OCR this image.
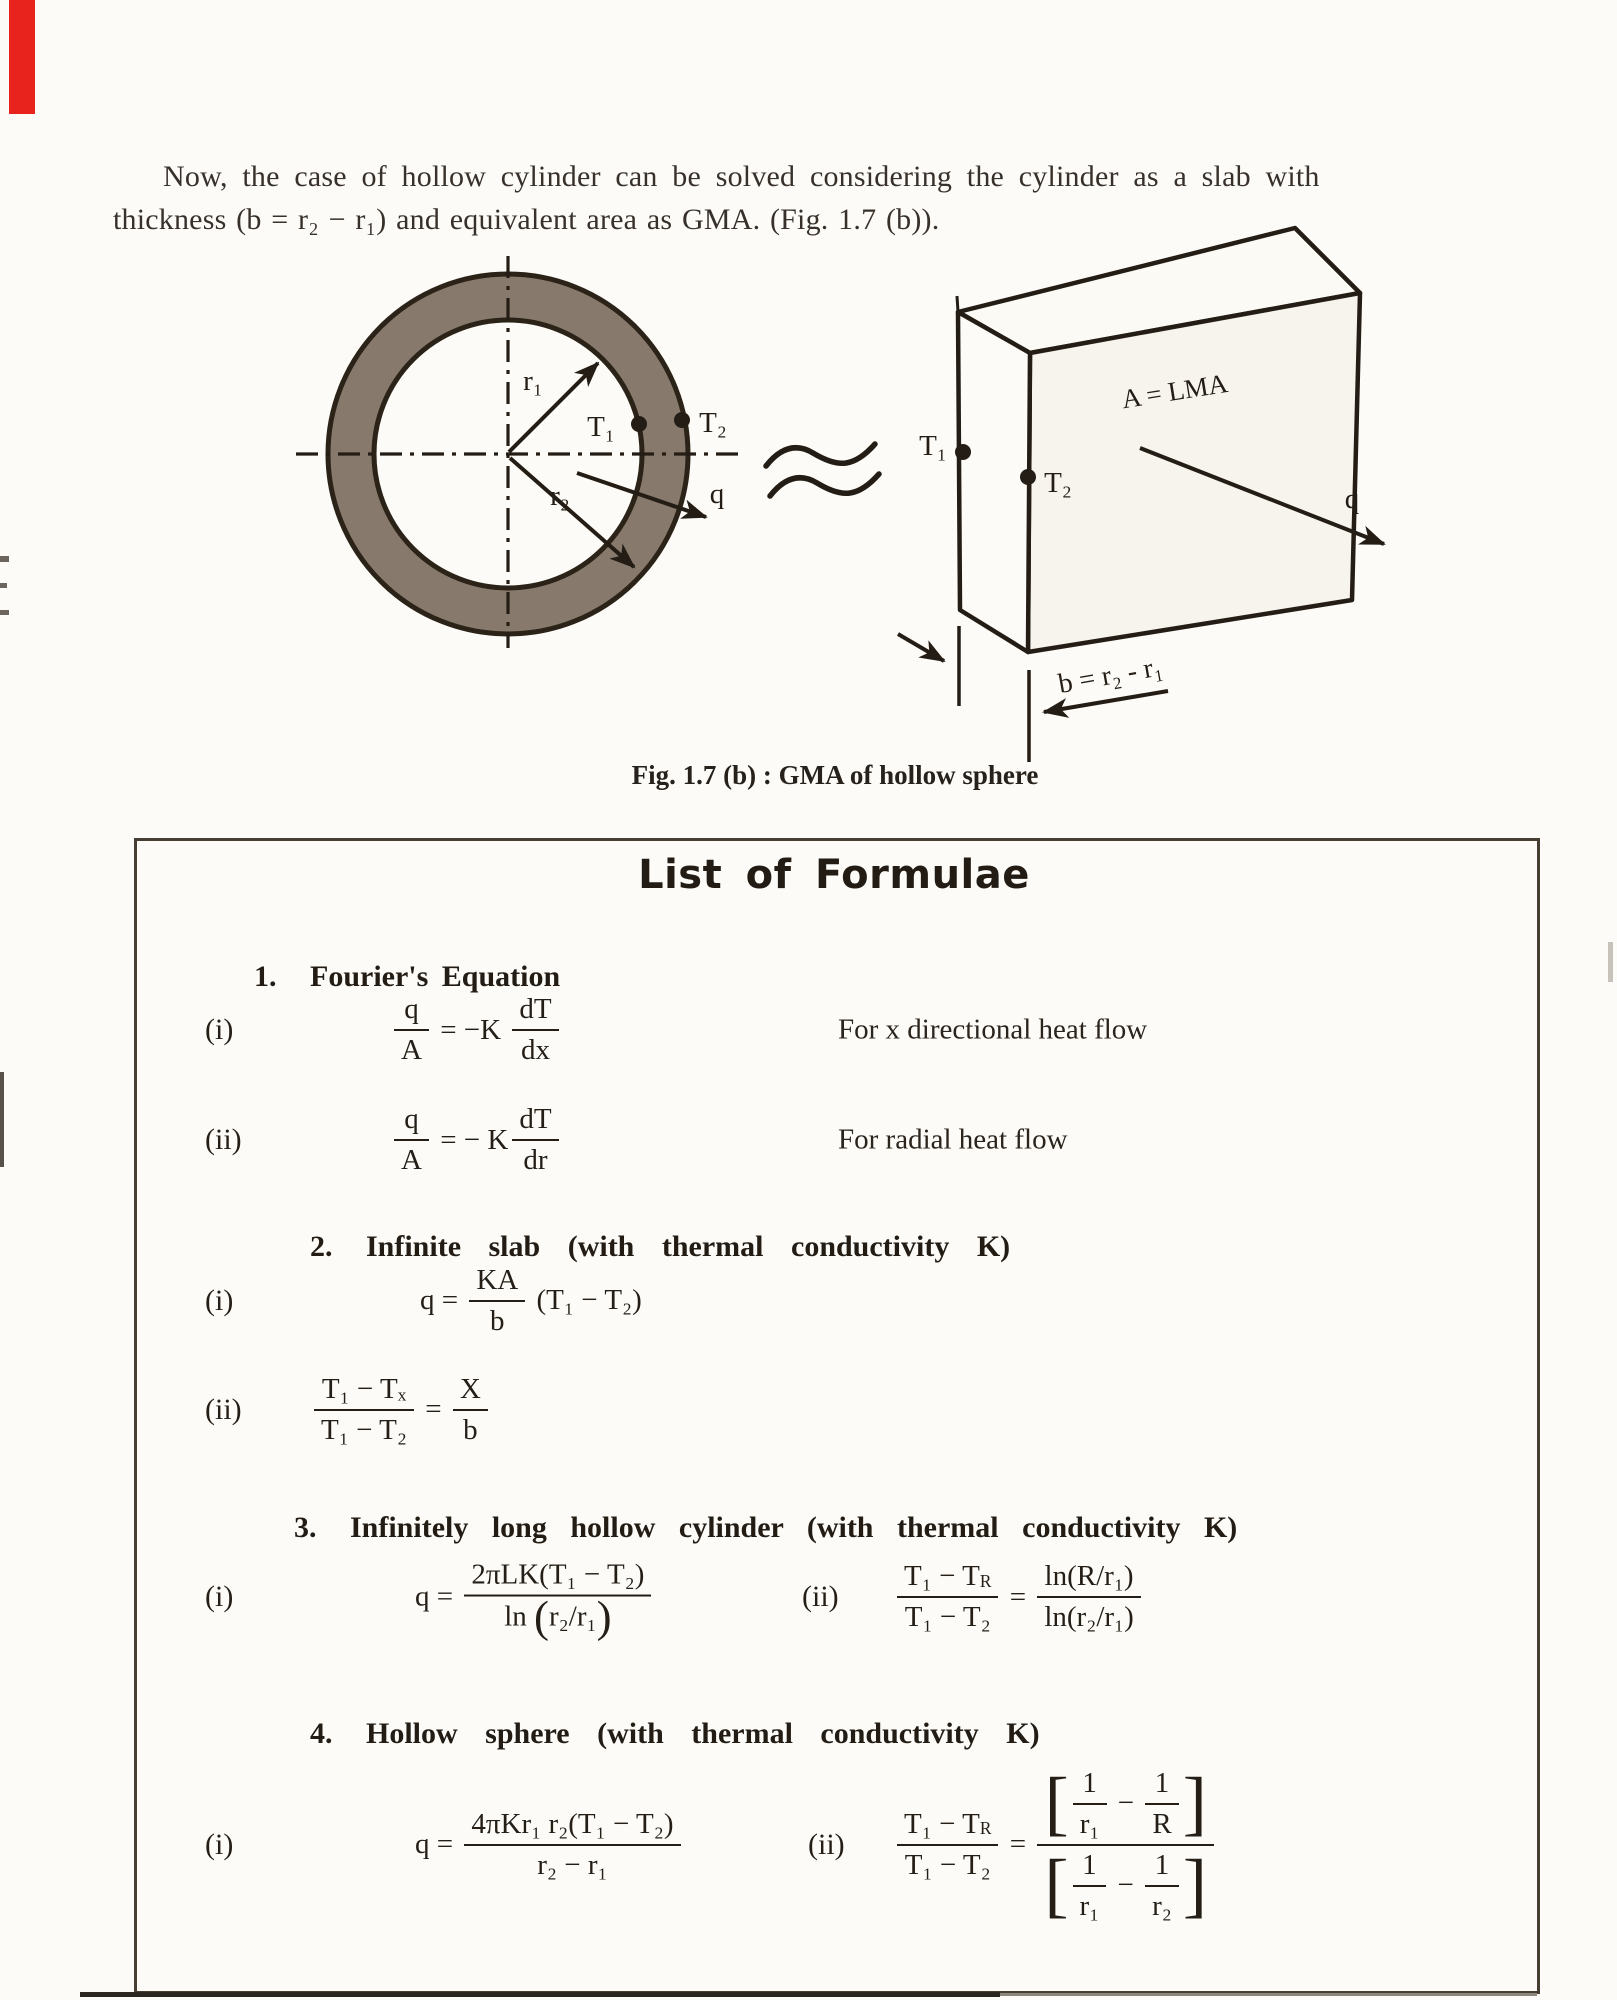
Now, the case of hollow cylinder can be solved considering the cylinder as a slab with
thickness (b = r₂ − r₁) and equivalent area as GMA. (Fig. 1.7 (b)).
r₁
r₂
T₁	T₂
q
T₁
T₂
A = LMA
q
b = r₂ - r₁
Fig. 1.7 (b) : GMA of hollow sphere
List of Formulae

1. Fourier's Equation

(i)	$\frac{q}{A} = -K \frac{dT}{dx}$	For x directional heat flow
(ii)	$\frac{q}{A}$ = − K $\frac{dT}{dr}$	For radial heat flow

2. Infinite slab (with thermal conductivity K)

(i)	$q = \frac{KA}{b} (T_1 - T_2)$
$(ii) \frac{\text{T₁ − Tₓ}}{\text{T₁ − T₂}} = \frac{X}{b}$

3. Infinitely long hollow cylinder (with thermal conductivity K)

(i)	$q = \frac{\text{2πLK(T₁ − T₂)}}{\text{ln ( r₂/r₁ )}}$	$(ii) \frac{T_1 - T_R}{\text{T₁ − T₂}} = \frac{\text{ln(R/r₁)}}{\text{ln(r₂/r₁)}}$

4. Hollow sphere (with thermal conductivity K)

(i)	$q = \frac{\text{4πKr₁ r₂(T₁ − T₂)}}{\text{r₂ − r₁}}$	$(ii) \frac{T_1 - T_R}{\text{T₁ − T₂}} = \frac{[ \frac{1}{\text{r₁}} - \frac{1}{R} ]}{[ \frac{1}{\text{r₁}} - \frac{1}{\text{r₂}} ]}$
